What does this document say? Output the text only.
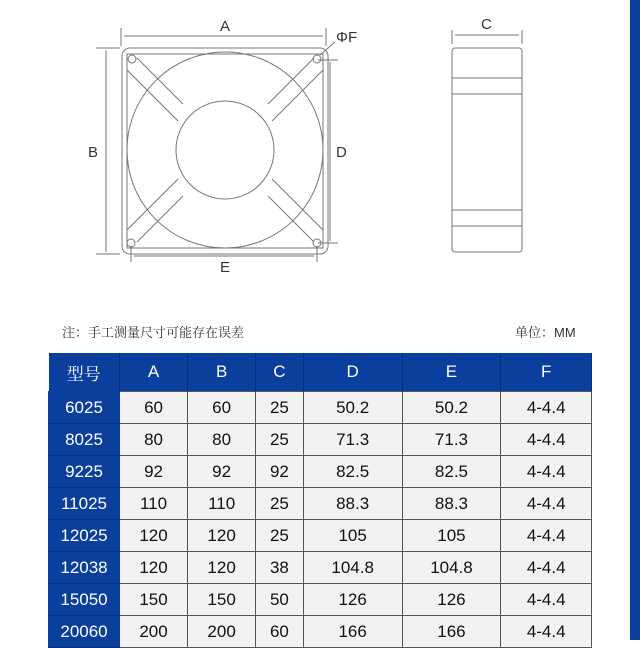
A
B	D
E
ΦF
C
注：手工测量尺寸可能存在误差	单位：MM
型号	A	B	C	D	E	F
6025	60	60	25	50.2	50.2	4-4.4
8025	80	80	25	71.3	71.3	4-4.4
9225	92	92	92	82.5	82.5	4-4.4
11025	110	110	25	88.3	88.3	4-4.4
12025	120	120	25	105	105	4-4.4
12038	120	120	38	104.8	104.8	4-4.4
15050	150	150	50	126	126	4-4.4
20060	200	200	60	166	166	4-4.4
